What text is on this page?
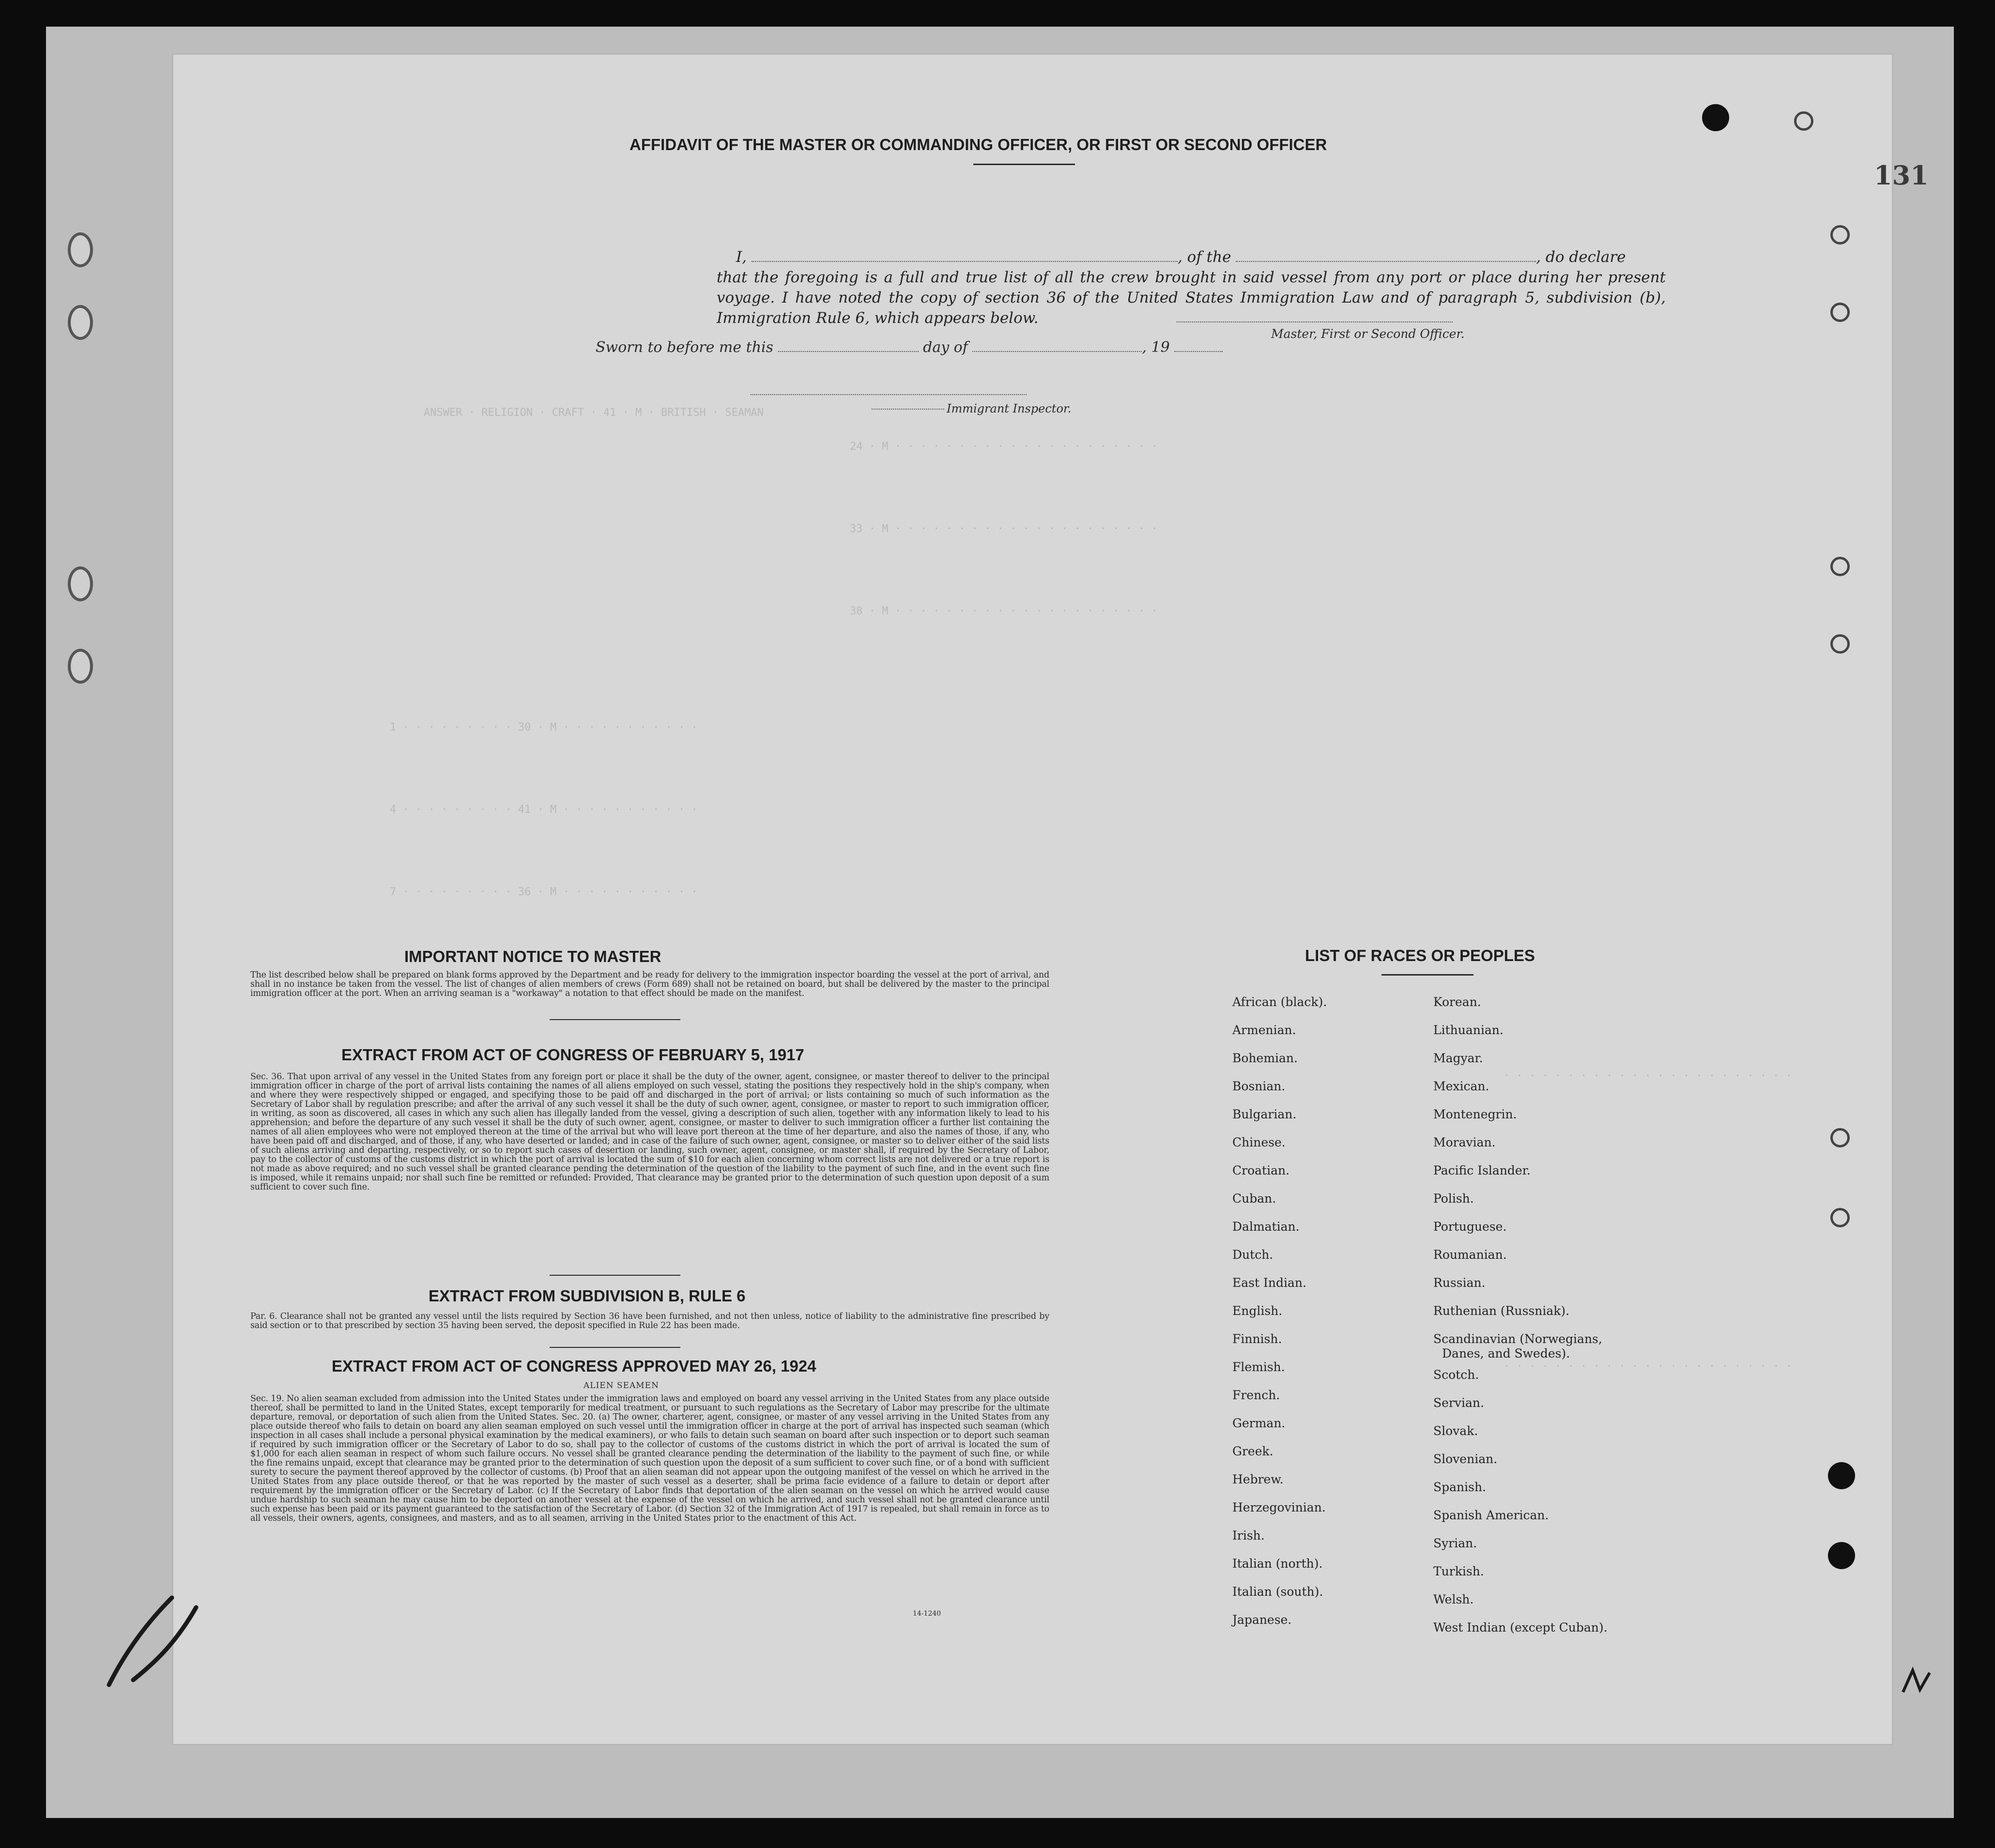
ANSWER · RELIGION · CRAFT · 41 · M · BRITISH · SEAMAN
24 · M · · · · · · · · · · · · · · · · · · · · ·
33 · M · · · · · · · · · · · · · · · · · · · · ·
38 · M · · · · · · · · · · · · · · · · · · · · ·
1 · · · · · · · · · 30 · M · · · · · · · · · · ·
4 · · · · · · · · · 41 · M · · · · · · · · · · ·
7 · · · · · · · · · 36 · M · · · · · · · · · · ·
· · · · · · · · · · · · · · · · · · · · · · ·
· · · · · · · · · · · · · · · · · · · · · · ·
AFFIDAVIT OF THE MASTER OR COMMANDING OFFICER, OR FIRST OR SECOND OFFICER
I,	, of the	, do declare
that the foregoing is a full and true list of all the crew brought in said vessel from any port or place during her present voyage. I have noted the copy of section 36 of the United States Immigration Law and of paragraph 5, subdivision (b), Immigration Rule 6, which appears below.
Master, First or Second Officer.
Sworn to before me this	day of	, 19
Immigrant Inspector.
IMPORTANT NOTICE TO MASTER
The list described below shall be prepared on blank forms approved by the Department and be ready for delivery to the immigration inspector boarding the vessel at the port of arrival, and shall in no instance be taken from the vessel. The list of changes of alien members of crews (Form 689) shall not be retained on board, but shall be delivered by the master to the principal immigration officer at the port. When an arriving seaman is a "workaway" a notation to that effect should be made on the manifest.
EXTRACT FROM ACT OF CONGRESS OF FEBRUARY 5, 1917
Sec. 36. That upon arrival of any vessel in the United States from any foreign port or place it shall be the duty of the owner, agent, consignee, or master thereof to deliver to the principal immigration officer in charge of the port of arrival lists containing the names of all aliens employed on such vessel, stating the positions they respectively hold in the ship's company, when and where they were respectively shipped or engaged, and specifying those to be paid off and discharged in the port of arrival; or lists containing so much of such information as the Secretary of Labor shall by regulation prescribe; and after the arrival of any such vessel it shall be the duty of such owner, agent, consignee, or master to report to such immigration officer, in writing, as soon as discovered, all cases in which any such alien has illegally landed from the vessel, giving a description of such alien, together with any information likely to lead to his apprehension; and before the departure of any such vessel it shall be the duty of such owner, agent, consignee, or master to deliver to such immigration officer a further list containing the names of all alien employees who were not employed thereon at the time of the arrival but who will leave port thereon at the time of her departure, and also the names of those, if any, who have been paid off and discharged, and of those, if any, who have deserted or landed; and in case of the failure of such owner, agent, consignee, or master so to deliver either of the said lists of such aliens arriving and departing, respectively, or so to report such cases of desertion or landing, such owner, agent, consignee, or master shall, if required by the Secretary of Labor, pay to the collector of customs of the customs district in which the port of arrival is located the sum of $10 for each alien concerning whom correct lists are not delivered or a true report is not made as above required; and no such vessel shall be granted clearance pending the determination of the question of the liability to the payment of such fine, and in the event such fine is imposed, while it remains unpaid; nor shall such fine be remitted or refunded: Provided, That clearance may be granted prior to the determination of such question upon deposit of a sum sufficient to cover such fine.
EXTRACT FROM SUBDIVISION B, RULE 6
Par. 6. Clearance shall not be granted any vessel until the lists required by Section 36 have been furnished, and not then unless, notice of liability to the administrative fine prescribed by said section or to that prescribed by section 35 having been served, the deposit specified in Rule 22 has been made.
EXTRACT FROM ACT OF CONGRESS APPROVED MAY 26, 1924
ALIEN SEAMEN
Sec. 19. No alien seaman excluded from admission into the United States under the immigration laws and employed on board any vessel arriving in the United States from any place outside thereof, shall be permitted to land in the United States, except temporarily for medical treatment, or pursuant to such regulations as the Secretary of Labor may prescribe for the ultimate departure, removal, or deportation of such alien from the United States. Sec. 20. (a) The owner, charterer, agent, consignee, or master of any vessel arriving in the United States from any place outside thereof who fails to detain on board any alien seaman employed on such vessel until the immigration officer in charge at the port of arrival has inspected such seaman (which inspection in all cases shall include a personal physical examination by the medical examiners), or who fails to detain such seaman on board after such inspection or to deport such seaman if required by such immigration officer or the Secretary of Labor to do so, shall pay to the collector of customs of the customs district in which the port of arrival is located the sum of $1,000 for each alien seaman in respect of whom such failure occurs. No vessel shall be granted clearance pending the determination of the liability to the payment of such fine, or while the fine remains unpaid, except that clearance may be granted prior to the determination of such question upon the deposit of a sum sufficient to cover such fine, or of a bond with sufficient surety to secure the payment thereof approved by the collector of customs. (b) Proof that an alien seaman did not appear upon the outgoing manifest of the vessel on which he arrived in the United States from any place outside thereof, or that he was reported by the master of such vessel as a deserter, shall be prima facie evidence of a failure to detain or deport after requirement by the immigration officer or the Secretary of Labor. (c) If the Secretary of Labor finds that deportation of the alien seaman on the vessel on which he arrived would cause undue hardship to such seaman he may cause him to be deported on another vessel at the expense of the vessel on which he arrived, and such vessel shall not be granted clearance until such expense has been paid or its payment guaranteed to the satisfaction of the Secretary of Labor. (d) Section 32 of the Immigration Act of 1917 is repealed, but shall remain in force as to all vessels, their owners, agents, consignees, and masters, and as to all seamen, arriving in the United States prior to the enactment of this Act.
14-1240
LIST OF RACES OR PEOPLES
African (black).
Armenian.
Bohemian.
Bosnian.
Bulgarian.
Chinese.
Croatian.
Cuban.
Dalmatian.
Dutch.
East Indian.
English.
Finnish.
Flemish.
French.
German.
Greek.
Hebrew.
Herzegovinian.
Irish.
Italian (north).
Italian (south).
Japanese.
Korean.
Lithuanian.
Magyar.
Mexican.
Montenegrin.
Moravian.
Pacific Islander.
Polish.
Portuguese.
Roumanian.
Russian.
Ruthenian (Russniak).
Scandinavian (Norwegians,
Danes, and Swedes).
Scotch.
Servian.
Slovak.
Slovenian.
Spanish.
Spanish American.
Syrian.
Turkish.
Welsh.
West Indian (except Cuban).
131
